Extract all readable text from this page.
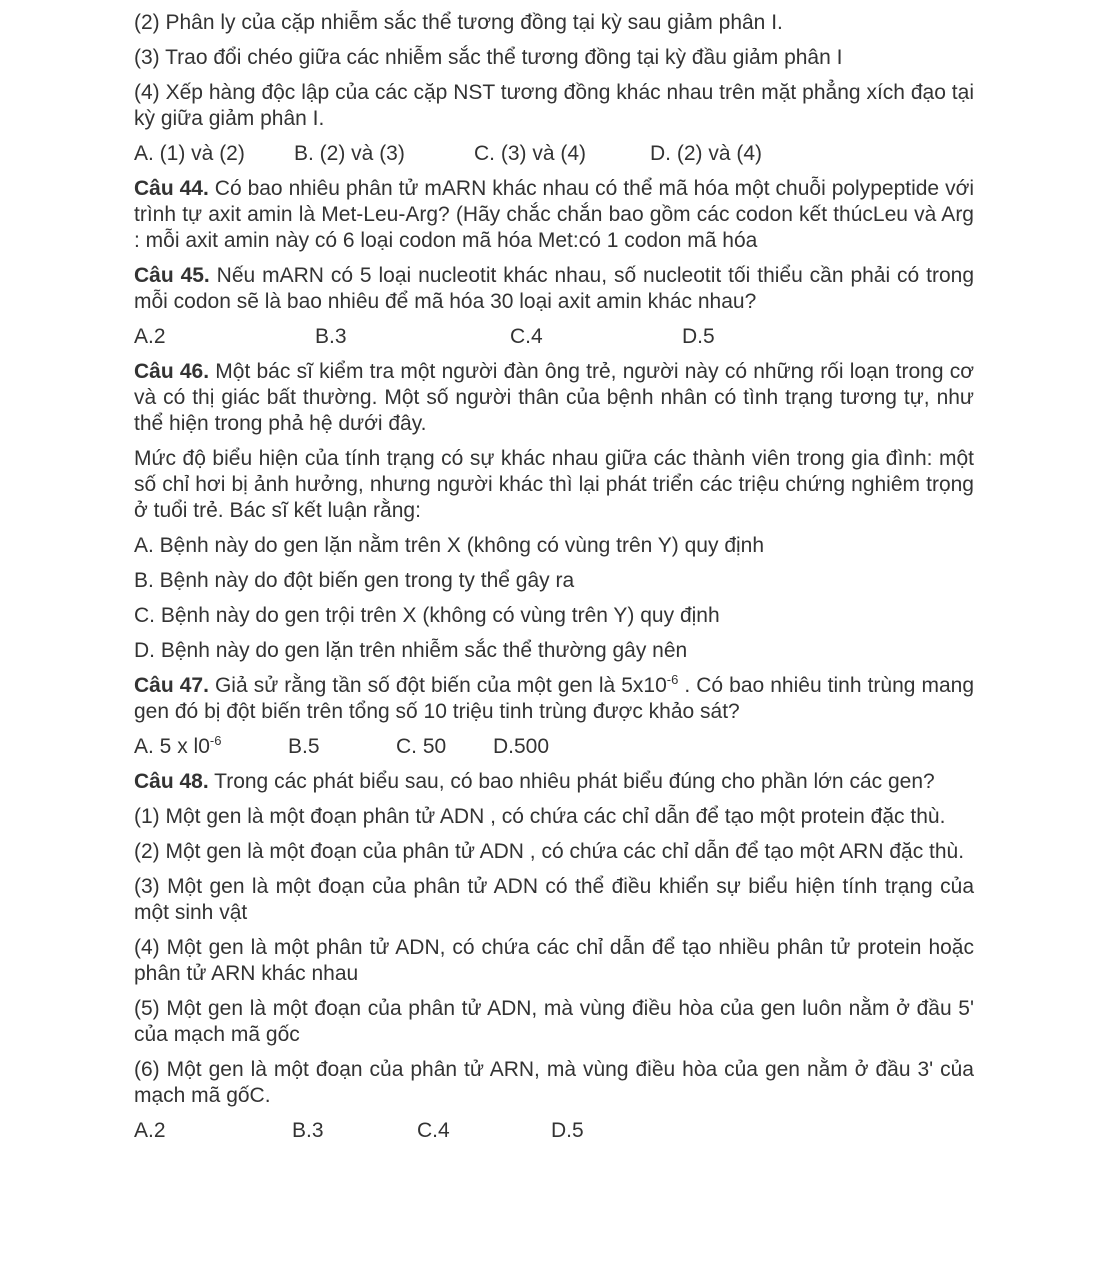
(2) Phân ly của cặp nhiễm sắc thể tương đồng tại kỳ sau giảm phân I.

(3) Trao đổi chéo giữa các nhiễm sắc thể tương đồng tại kỳ đầu giảm phân I

(4) Xếp hàng độc lập của các cặp NST tương đồng khác nhau trên mặt phẳng xích đạo tại kỳ giữa giảm phân I.

A. (1) và (2)	B. (2) và (3)	C. (3) và (4)	D. (2) và (4)

Câu 44. Có bao nhiêu phân tử mARN khác nhau có thể mã hóa một chuỗi polypeptide với trình tự axit amin là Met-Leu-Arg? (Hãy chắc chắn bao gồm các codon kết thúcLeu và Arg : mỗi axit amin này có 6 loại codon mã hóa Met:có 1 codon mã hóa

Câu 45. Nếu mARN có 5 loại nucleotit khác nhau, số nucleotit tối thiểu cần phải có trong mỗi codon sẽ là bao nhiêu để mã hóa 30 loại axit amin khác nhau?

A.2	B.3	C.4	D.5

Câu 46. Một bác sĩ kiểm tra một người đàn ông trẻ, người này có những rối loạn trong cơ và có thị giác bất thường. Một số người thân của bệnh nhân có tình trạng tương tự, như thể hiện trong phả hệ dưới đây.

Mức độ biểu hiện của tính trạng có sự khác nhau giữa các thành viên trong gia đình: một số chỉ hơi bị ảnh hưởng, nhưng người khác thì lại phát triển các triệu chứng nghiêm trọng ở tuổi trẻ. Bác sĩ kết luận rằng:

A. Bệnh này do gen lặn nằm trên X (không có vùng trên Y) quy định

B. Bệnh này do đột biến gen trong ty thể gây ra

C. Bệnh này do gen trội trên X (không có vùng trên Y) quy định

D. Bệnh này do gen lặn trên nhiễm sắc thể thường gây nên

Câu 47. Giả sử rằng tần số đột biến của một gen là $5x10^{-6}$ . Có bao nhiêu tinh trùng mang gen đó bị đột biến trên tổng số 10 triệu tinh trùng được khảo sát?

A. 5 x $l0^{-6}$	B.5	C. 50	D.500

Câu 48. Trong các phát biểu sau, có bao nhiêu phát biểu đúng cho phần lớn các gen?

(1) Một gen là một đoạn phân tử ADN , có chứa các chỉ dẫn để tạo một protein đặc thù.

(2) Một gen là một đoạn của phân tử ADN , có chứa các chỉ dẫn để tạo một ARN đặc thù.

(3) Một gen là một đoạn của phân tử ADN có thể điều khiển sự biểu hiện tính trạng của một sinh vật

(4) Một gen là một phân tử ADN, có chứa các chỉ dẫn để tạo nhiều phân tử protein hoặc phân tử ARN khác nhau

(5) Một gen là một đoạn của phân tử ADN, mà vùng điều hòa của gen luôn nằm ở đầu 5' của mạch mã gốc

(6) Một gen là một đoạn của phân tử ARN, mà vùng điều hòa của gen nằm ở đầu 3' của mạch mã gốC.

A.2	B.3	C.4	D.5
